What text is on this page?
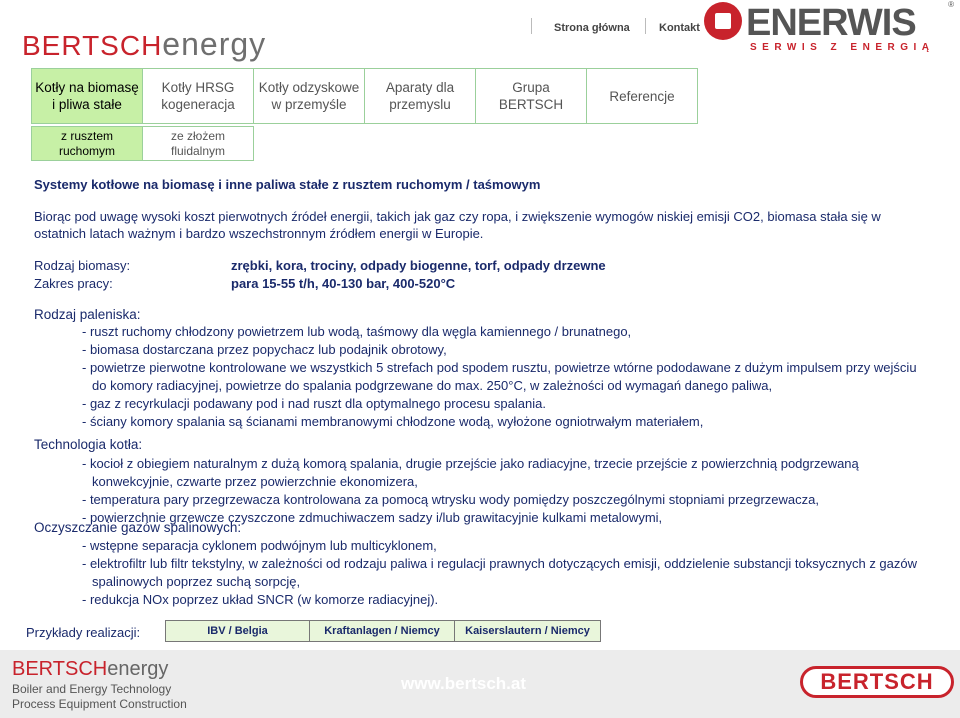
BERTSCHenergy	Strona główna	Kontakt ENERWIS
SERWIS Z ENERGIĄ
®
Kotły na biomasę
i pliwa stałe
Kotły HRSG
kogeneracja
Kotły odzyskowe
w przemyśle
Aparaty dla
przemyslu
Grupa
BERTSCH
Referencje
z rusztem
ruchomym
ze złożem
fluidalnym
Systemy kotłowe na biomasę i inne paliwa stałe z rusztem ruchomym / taśmowym
Biorąc pod uwagę wysoki koszt pierwotnych źródeł energii, takich jak gaz czy ropa, i zwiększenie wymogów niskiej emisji CO2, biomasa stała się w ostatnich latach ważnym i bardzo wszechstronnym źródłem energii w Europie.
Rodzaj biomasy:	zrębki, kora, trociny, odpady biogenne, torf, odpady drzewne
Zakres pracy:	para 15-55 t/h, 40-130 bar, 400-520°C
Rodzaj paleniska:
- ruszt ruchomy chłodzony powietrzem lub wodą, taśmowy dla węgla kamiennego / brunatnego,
- biomasa dostarczana przez popychacz lub podajnik obrotowy,
- powietrze pierwotne kontrolowane we wszystkich 5 strefach pod spodem rusztu, powietrze wtórne pododawane z dużym impulsem przy wejściu do komory radiacyjnej, powietrze do spalania podgrzewane do max. 250°C, w zależności od wymagań danego paliwa,
- gaz z recyrkulacji podawany pod i nad ruszt dla optymalnego procesu spalania.
- ściany komory spalania są ścianami membranowymi chłodzone wodą, wyłożone ogniotrwałym materiałem,
Technologia kotła:
- kocioł z obiegiem naturalnym z dużą komorą spalania, drugie przejście jako radiacyjne, trzecie przejście z powierzchnią podgrzewaną konwekcyjnie, czwarte przez powierzchnie ekonomizera,
- temperatura pary przegrzewacza kontrolowana za pomocą wtrysku wody pomiędzy poszczególnymi stopniami przegrzewacza,
- powierzchnie grzewcze czyszczone zdmuchiwaczem sadzy i/lub grawitacyjnie kulkami metalowymi,
Oczyszczanie gazów spalinowych:
- wstępne separacja cyklonem podwójnym lub multicyklonem,
- elektrofiltr lub filtr tekstylny, w zależności od rodzaju paliwa i regulacji prawnych dotyczących emisji, oddzielenie substancji toksycznych z gazów spalinowych poprzez suchą sorpcję,
- redukcja NOx poprzez układ SNCR (w komorze radiacyjnej).
Przykłady realizacji:	IBV / Belgia	Kraftanlagen / Niemcy	Kaiserslautern / Niemcy
BERTSCHenergy
Boiler and Energy Technology
Process Equipment Construction
www.bertsch.at	BERTSCH
